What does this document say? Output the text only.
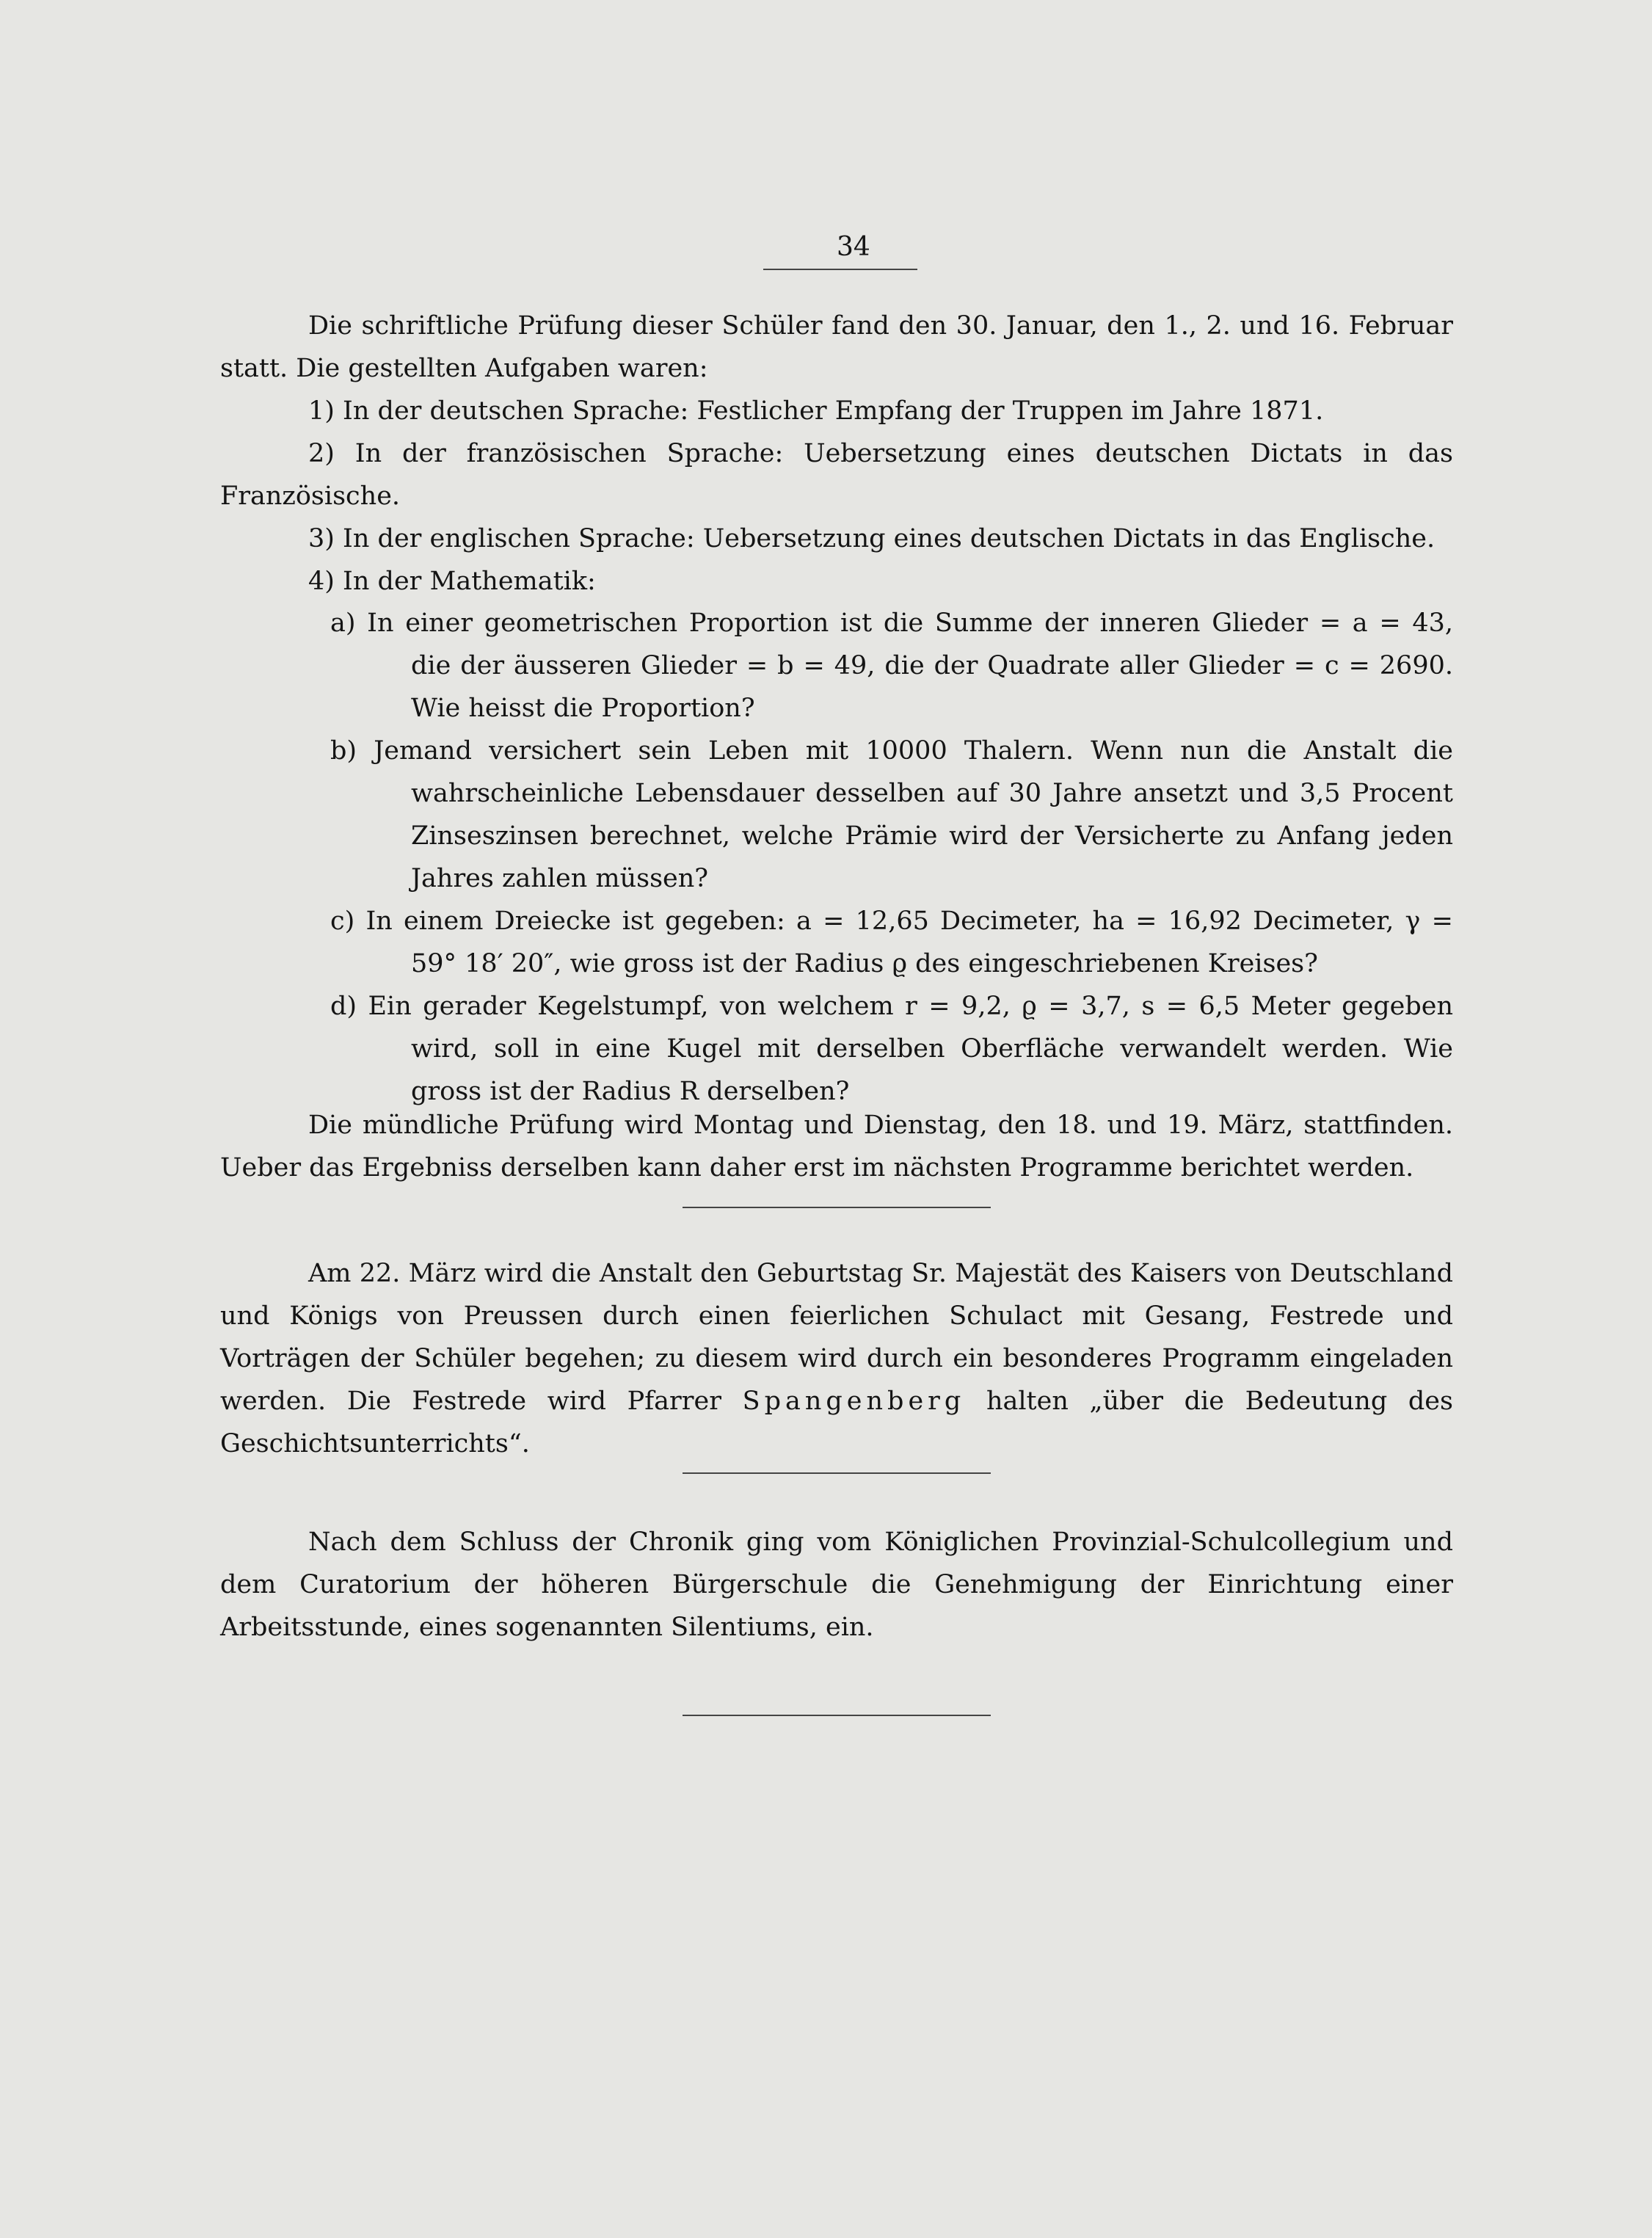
34

Die schriftliche Prüfung dieser Schüler fand den 30. Januar, den 1., 2. und 16. Februar statt. Die gestellten Aufgaben waren:

1) In der deutschen Sprache: Festlicher Empfang der Truppen im Jahre 1871.

2) In der französischen Sprache: Uebersetzung eines deutschen Dictats in das Französische.

3) In der englischen Sprache: Uebersetzung eines deutschen Dictats in das Englische.

4) In der Mathematik:

a) In einer geometrischen Proportion ist die Summe der inneren Glieder = a = 43, die der äusseren Glieder = b = 49, die der Quadrate aller Glieder = c = 2690. Wie heisst die Proportion?

b) Jemand versichert sein Leben mit 10000 Thalern. Wenn nun die Anstalt die wahrscheinliche Lebensdauer desselben auf 30 Jahre ansetzt und 3,5 Procent Zinseszinsen berechnet, welche Prämie wird der Versicherte zu Anfang jeden Jahres zahlen müssen?

c) In einem Dreiecke ist gegeben: a = 12,65 Decimeter, ha = 16,92 Decimeter, γ = 59° 18′ 20″, wie gross ist der Radius ϱ des eingeschriebenen Kreises?

d) Ein gerader Kegelstumpf, von welchem r = 9,2, ϱ = 3,7, s = 6,5 Meter gegeben wird, soll in eine Kugel mit derselben Oberfläche verwandelt werden. Wie gross ist der Radius R derselben?

Die mündliche Prüfung wird Montag und Dienstag, den 18. und 19. März, stattfinden. Ueber das Ergebniss derselben kann daher erst im nächsten Programme berichtet werden.

Am 22. März wird die Anstalt den Geburtstag Sr. Majestät des Kaisers von Deutschland und Königs von Preussen durch einen feierlichen Schulact mit Gesang, Festrede und Vorträgen der Schüler begehen; zu diesem wird durch ein besonderes Programm eingeladen werden. Die Festrede wird Pfarrer Spangenberg halten „über die Bedeutung des Geschichtsunterrichts“.

Nach dem Schluss der Chronik ging vom Königlichen Provinzial-Schulcollegium und dem Curatorium der höheren Bürgerschule die Genehmigung der Einrichtung einer Arbeitsstunde, eines sogenannten Silentiums, ein.
